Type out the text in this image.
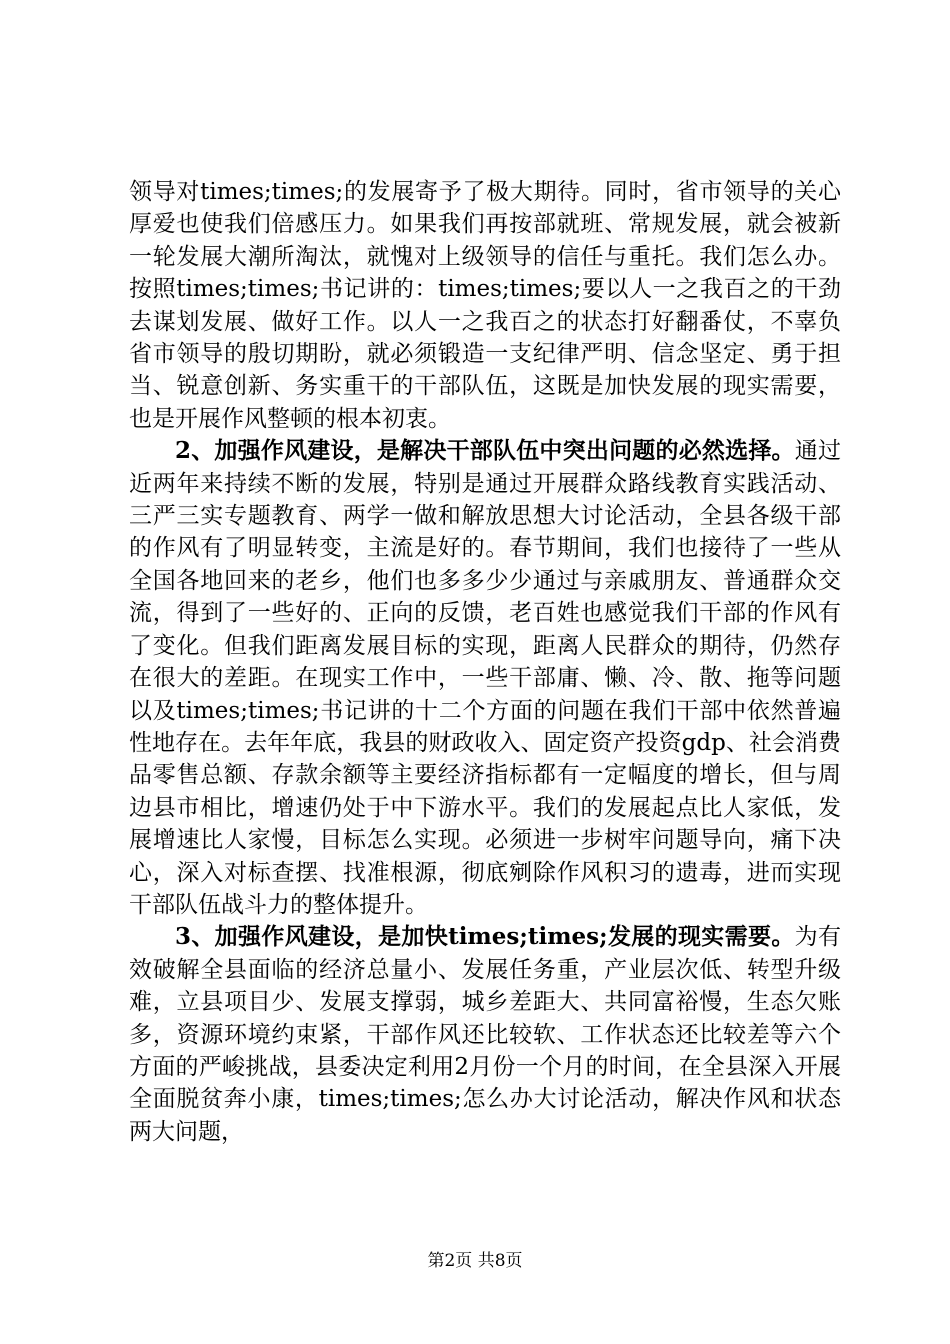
领导对times;times;的发展寄予了极大期待。同时，省市领导的关心厚爱也使我们倍感压力。如果我们再按部就班、常规发展，就会被新一轮发展大潮所淘汰，就愧对上级领导的信任与重托。我们怎么办。按照times;times;书记讲的：times;times;要以人一之我百之的干劲去谋划发展、做好工作。以人一之我百之的状态打好翻番仗，不辜负省市领导的殷切期盼，就必须锻造一支纪律严明、信念坚定、勇于担当、锐意创新、务实重干的干部队伍，这既是加快发展的现实需要，也是开展作风整顿的根本初衷。

2、加强作风建设，是解决干部队伍中突出问题的必然选择。通过近两年来持续不断的发展，特别是通过开展群众路线教育实践活动、三严三实专题教育、两学一做和解放思想大讨论活动，全县各级干部的作风有了明显转变，主流是好的。春节期间，我们也接待了一些从全国各地回来的老乡，他们也多多少少通过与亲戚朋友、普通群众交流，得到了一些好的、正向的反馈，老百姓也感觉我们干部的作风有了变化。但我们距离发展目标的实现，距离人民群众的期待，仍然存在很大的差距。在现实工作中，一些干部庸、懒、冷、散、拖等问题以及times;times;书记讲的十二个方面的问题在我们干部中依然普遍性地存在。去年年底，我县的财政收入、固定资产投资gdp、社会消费品零售总额、存款余额等主要经济指标都有一定幅度的增长，但与周边县市相比，增速仍处于中下游水平。我们的发展起点比人家低，发展增速比人家慢，目标怎么实现。必须进一步树牢问题导向，痛下决心，深入对标查摆、找准根源，彻底剜除作风积习的遗毒，进而实现干部队伍战斗力的整体提升。

3、加强作风建设，是加快times;times;发展的现实需要。为有效破解全县面临的经济总量小、发展任务重，产业层次低、转型升级难，立县项目少、发展支撑弱，城乡差距大、共同富裕慢，生态欠账多，资源环境约束紧，干部作风还比较软、工作状态还比较差等六个方面的严峻挑战，县委决定利用2月份一个月的时间，在全县深入开展全面脱贫奔小康，times;times;怎么办大讨论活动，解决作风和状态两大问题，

第2页 共8页
